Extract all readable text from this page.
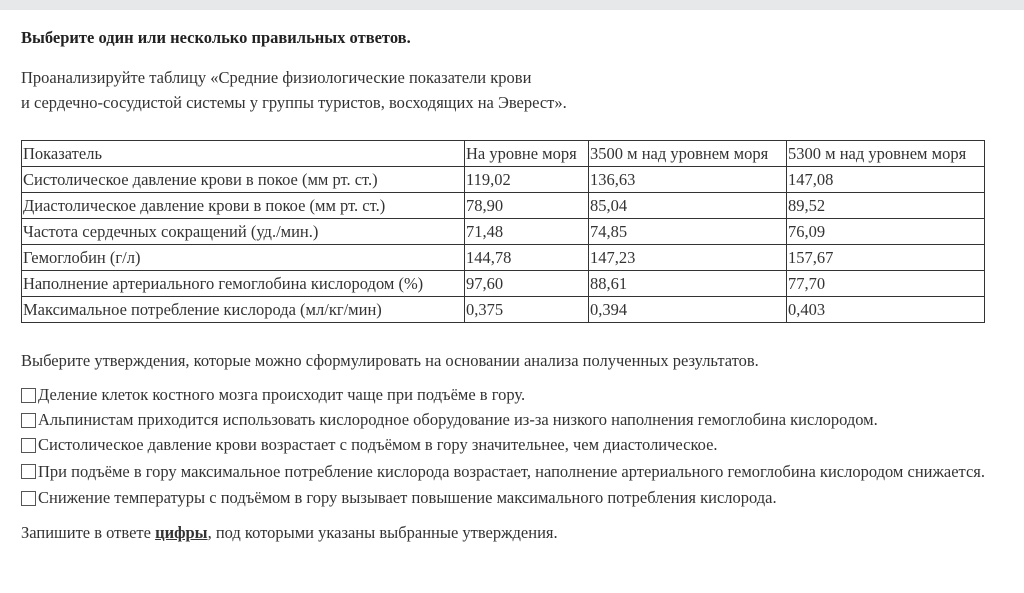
Выберите один или несколько правильных ответов.

Проанализируйте таблицу «Средние физиологические показатели крови
и сердечно-сосудистой системы у группы туристов, восходящих на Эверест».

Показатель	На уровне моря	3500 м над уровнем моря	5300 м над уровнем моря
Систолическое давление крови в покое (мм рт. ст.)	119,02	136,63	147,08
Диастолическое давление крови в покое (мм рт. ст.)	78,90	85,04	89,52
Частота сердечных сокращений (уд./мин.)	71,48	74,85	76,09
Гемоглобин (г/л)	144,78	147,23	157,67
Наполнение артериального гемоглобина кислородом (%)	97,60	88,61	77,70
Максимальное потребление кислорода (мл/кг/мин)	0,375	0,394	0,403

Выберите утверждения, которые можно сформулировать на основании анализа полученных результатов.

Деление клеток костного мозга происходит чаще при подъёме в гору.
Альпинистам приходится использовать кислородное оборудование из-за низкого наполнения гемоглобина кислородом.
Систолическое давление крови возрастает с подъёмом в гору значительнее, чем диастолическое.
При подъёме в гору максимальное потребление кислорода возрастает, наполнение артериального гемоглобина кислородом снижается.
Снижение температуры с подъёмом в гору вызывает повышение максимального потребления кислорода.

Запишите в ответе цифры, под которыми указаны выбранные утверждения.
